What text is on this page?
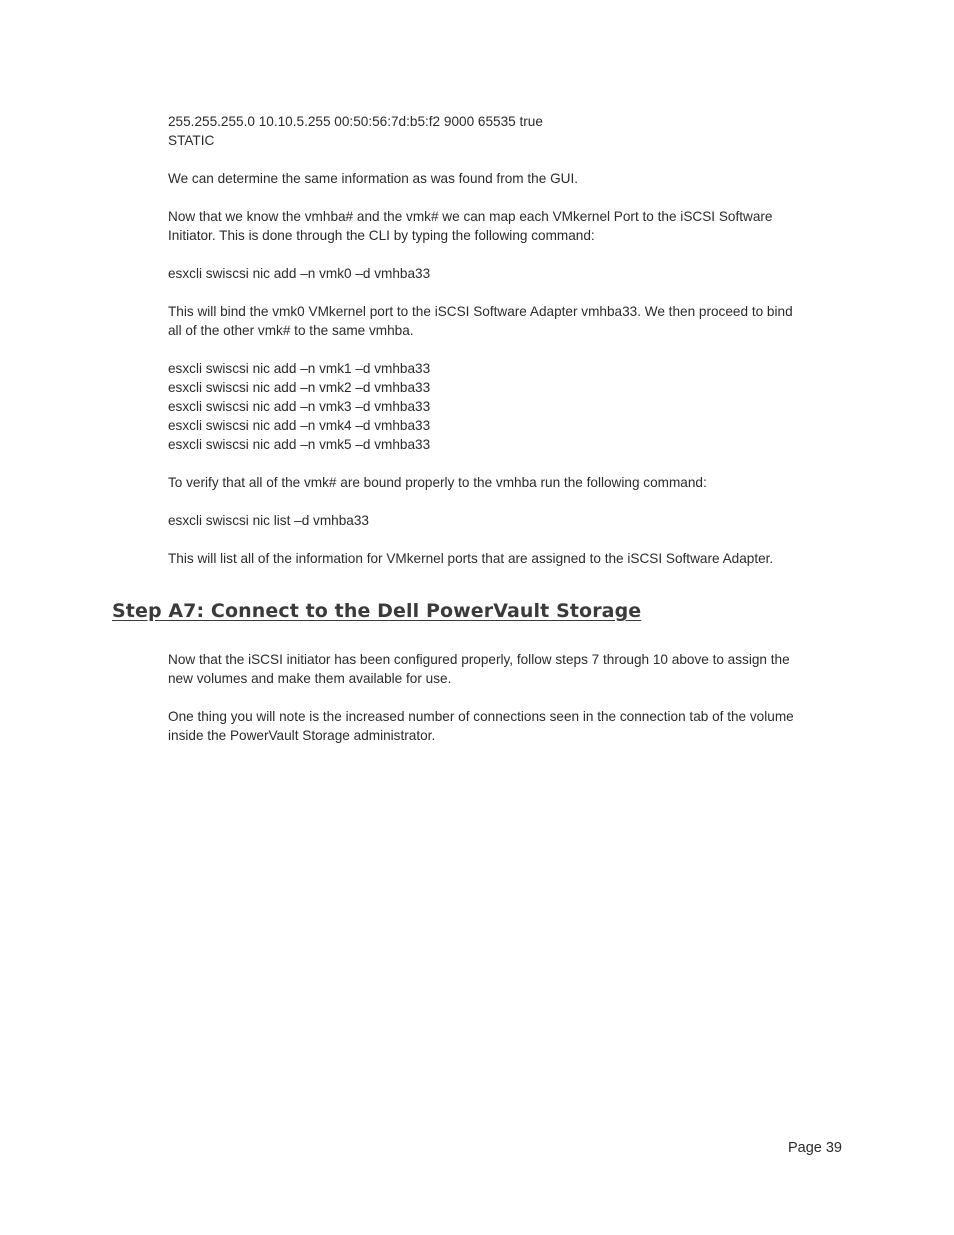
255.255.255.0 10.10.5.255 00:50:56:7d:b5:f2 9000 65535 true
STATIC
We can determine the same information as was found from the GUI.
Now that we know the vmhba# and the vmk# we can map each VMkernel Port to the iSCSI Software
Initiator. This is done through the CLI by typing the following command:
esxcli swiscsi nic add –n vmk0 –d vmhba33
This will bind the vmk0 VMkernel port to the iSCSI Software Adapter vmhba33. We then proceed to bind
all of the other vmk# to the same vmhba.
esxcli swiscsi nic add –n vmk1 –d vmhba33
esxcli swiscsi nic add –n vmk2 –d vmhba33
esxcli swiscsi nic add –n vmk3 –d vmhba33
esxcli swiscsi nic add –n vmk4 –d vmhba33
esxcli swiscsi nic add –n vmk5 –d vmhba33
To verify that all of the vmk# are bound properly to the vmhba run the following command:
esxcli swiscsi nic list –d vmhba33
This will list all of the information for VMkernel ports that are assigned to the iSCSI Software Adapter.
Step A7: Connect to the Dell PowerVault Storage
Now that the iSCSI initiator has been configured properly, follow steps 7 through 10 above to assign the
new volumes and make them available for use.
One thing you will note is the increased number of connections seen in the connection tab of the volume
inside the PowerVault Storage administrator.
Page 39
